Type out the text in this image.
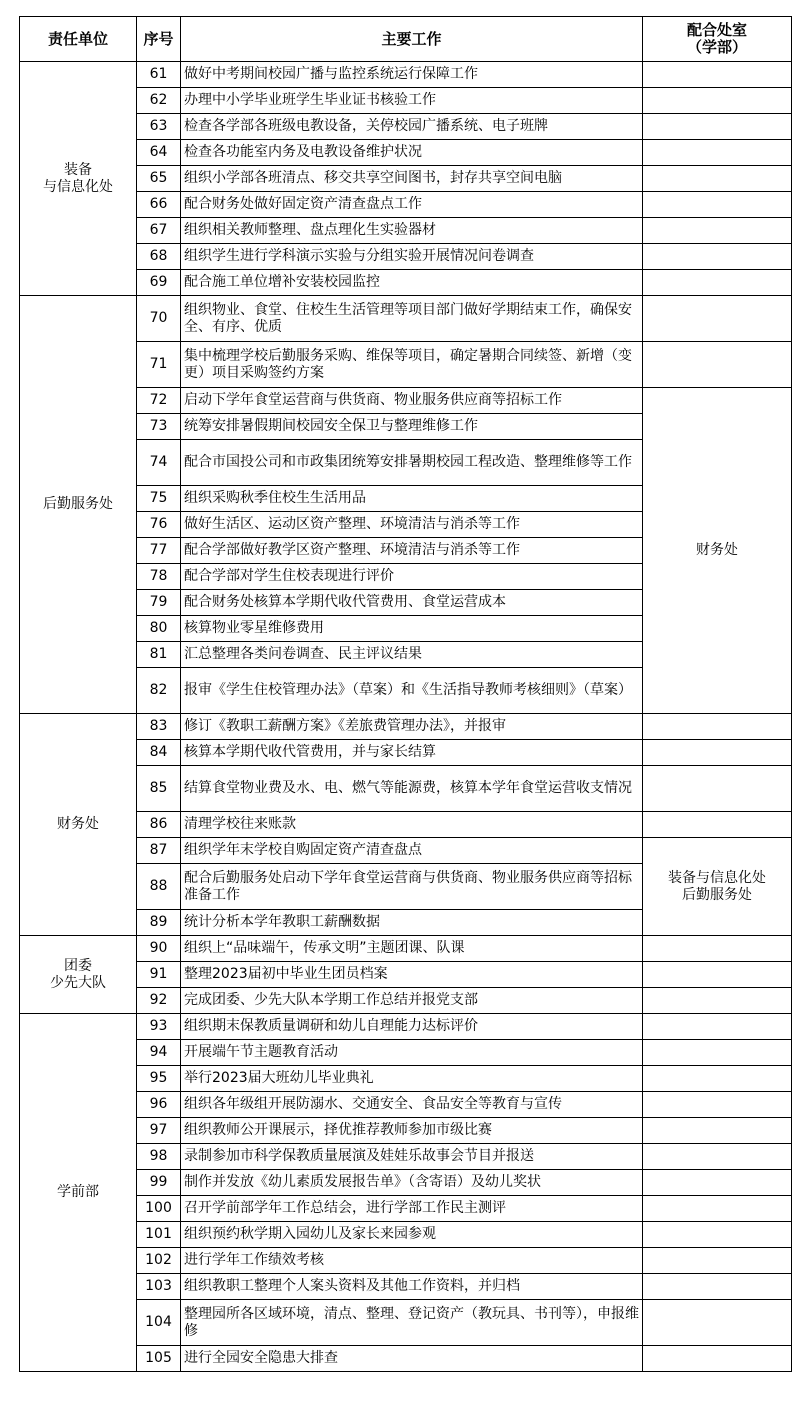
责任单位	序号	主要工作	配合处室
（学部）

装备
与信息化处	61	做好中考期间校园广播与监控系统运行保障工作	
	62	办理中小学毕业班学生毕业证书核验工作	
	63	检查各学部各班级电教设备，关停校园广播系统、电子班牌	
	64	检查各功能室内务及电教设备维护状况	
	65	组织小学部各班清点、移交共享空间图书，封存共享空间电脑	
	66	配合财务处做好固定资产清查盘点工作	
	67	组织相关教师整理、盘点理化生实验器材	
	68	组织学生进行学科演示实验与分组实验开展情况问卷调查	
	69	配合施工单位增补安装校园监控	
后勤服务处	70	组织物业、食堂、住校生生活管理等项目部门做好学期结束工作，确保安全、有序、优质	
	71	集中梳理学校后勤服务采购、维保等项目，确定暑期合同续签、新增（变更）项目采购签约方案	
	72	启动下学年食堂运营商与供货商、物业服务供应商等招标工作	财务处
	73	统筹安排暑假期间校园安全保卫与整理维修工作	
	74	配合市国投公司和市政集团统筹安排暑期校园工程改造、整理维修等工作	
	75	组织采购秋季住校生生活用品	
	76	做好生活区、运动区资产整理、环境清洁与消杀等工作	
	77	配合学部做好教学区资产整理、环境清洁与消杀等工作	
	78	配合学部对学生住校表现进行评价	
	79	配合财务处核算本学期代收代管费用、食堂运营成本	
	80	核算物业零星维修费用	
	81	汇总整理各类问卷调查、民主评议结果	
	82	报审《学生住校管理办法》（草案）和《生活指导教师考核细则》（草案）	
财务处	83	修订《教职工薪酬方案》《差旅费管理办法》，并报审	
	84	核算本学期代收代管费用，并与家长结算	
	85	结算食堂物业费及水、电、燃气等能源费，核算本学年食堂运营收支情况	
	86	清理学校往来账款	
	87	组织学年末学校自购固定资产清查盘点	装备与信息化处
后勤服务处
	88	配合后勤服务处启动下学年食堂运营商与供货商、物业服务供应商等招标准备工作	
	89	统计分析本学年教职工薪酬数据	
团委
少先大队	90	组织上“品味端午，传承文明”主题团课、队课	
	91	整理2023届初中毕业生团员档案	
	92	完成团委、少先大队本学期工作总结并报党支部	
学前部	93	组织期末保教质量调研和幼儿自理能力达标评价	
	94	开展端午节主题教育活动	
	95	举行2023届大班幼儿毕业典礼	
	96	组织各年级组开展防溺水、交通安全、食品安全等教育与宣传	
	97	组织教师公开课展示，择优推荐教师参加市级比赛	
	98	录制参加市科学保教质量展演及娃娃乐故事会节目并报送	
	99	制作并发放《幼儿素质发展报告单》（含寄语）及幼儿奖状	
	100	召开学前部学年工作总结会，进行学部工作民主测评	
	101	组织预约秋学期入园幼儿及家长来园参观	
	102	进行学年工作绩效考核	
	103	组织教职工整理个人案头资料及其他工作资料，并归档	
	104	整理园所各区域环境，清点、整理、登记资产（教玩具、书刊等），申报维修	
	105	进行全园安全隐患大排查	
